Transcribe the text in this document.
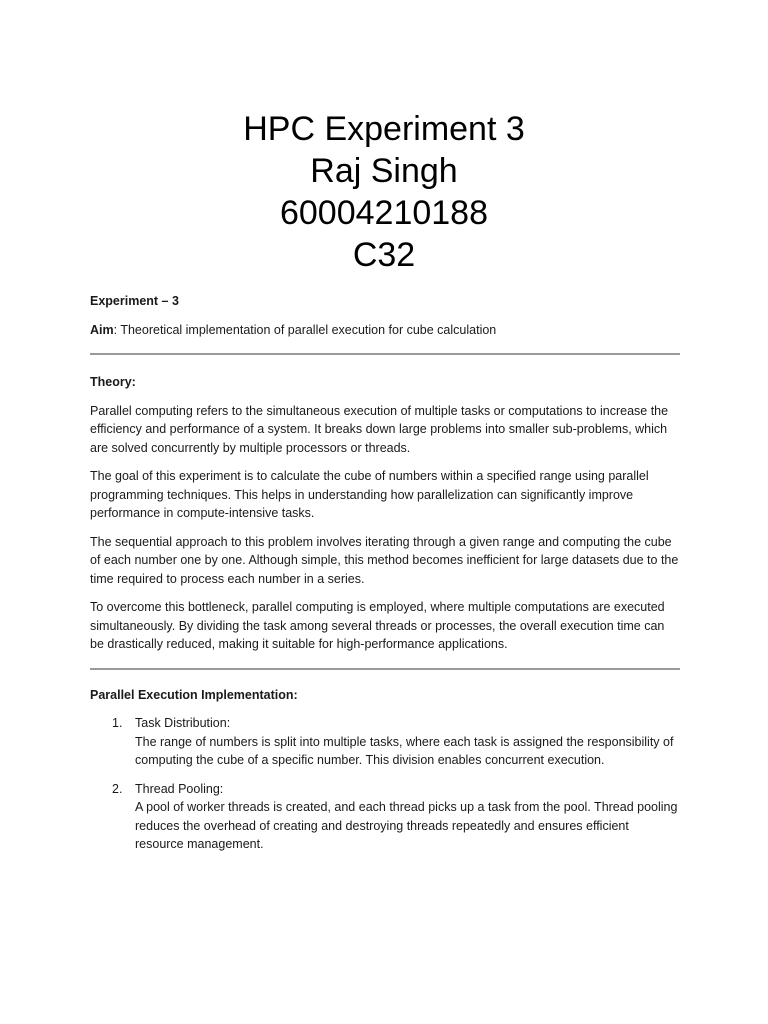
HPC Experiment 3
Raj Singh
60004210188
C32

Experiment – 3

Aim: Theoretical implementation of parallel execution for cube calculation

Theory:

Parallel computing refers to the simultaneous execution of multiple tasks or computations to increase the efficiency and performance of a system. It breaks down large problems into smaller sub-problems, which are solved concurrently by multiple processors or threads.

The goal of this experiment is to calculate the cube of numbers within a specified range using parallel programming techniques. This helps in understanding how parallelization can significantly improve performance in compute-intensive tasks.

The sequential approach to this problem involves iterating through a given range and computing the cube of each number one by one. Although simple, this method becomes inefficient for large datasets due to the time required to process each number in a series.

To overcome this bottleneck, parallel computing is employed, where multiple computations are executed simultaneously. By dividing the task among several threads or processes, the overall execution time can be drastically reduced, making it suitable for high-performance applications.

Parallel Execution Implementation:

1. Task Distribution:
The range of numbers is split into multiple tasks, where each task is assigned the responsibility of computing the cube of a specific number. This division enables concurrent execution.
2. Thread Pooling:
A pool of worker threads is created, and each thread picks up a task from the pool. Thread pooling reduces the overhead of creating and destroying threads repeatedly and ensures efficient resource management.
